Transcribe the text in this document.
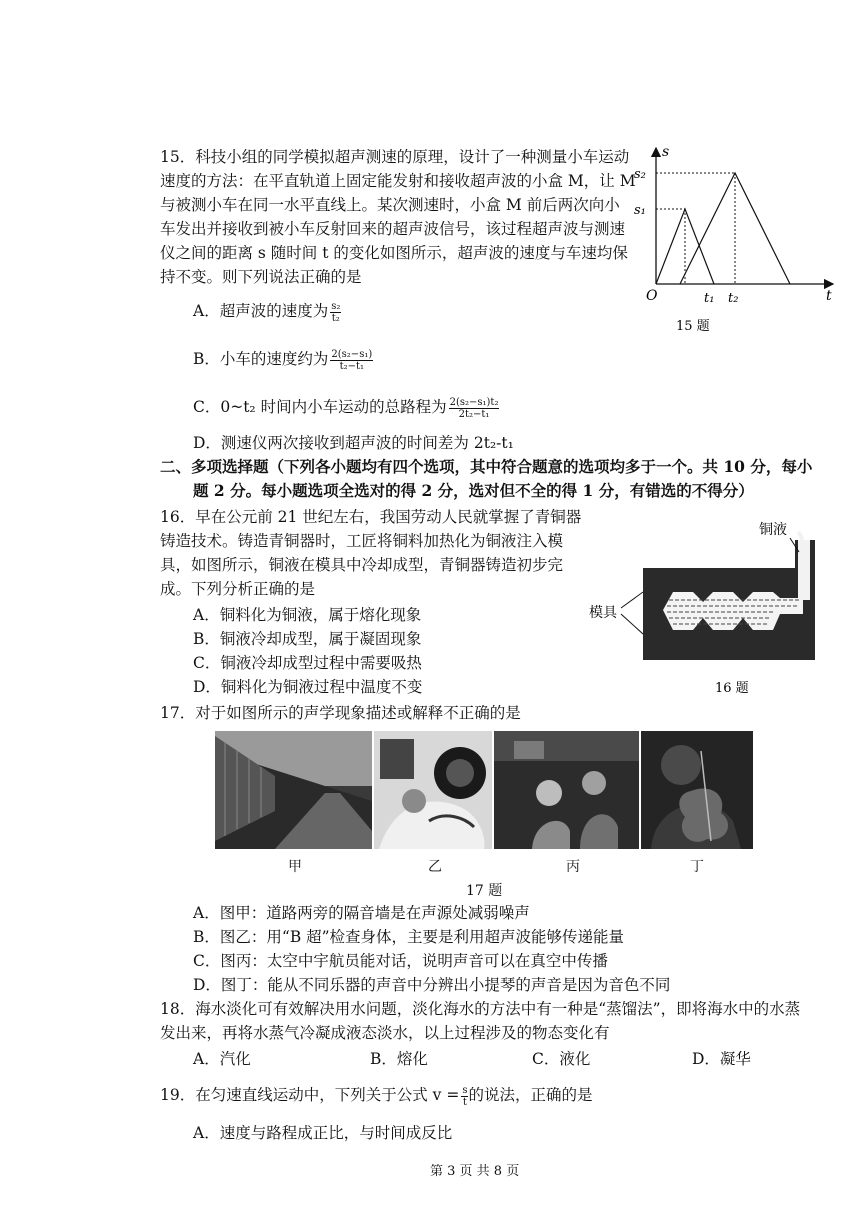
15．科技小组的同学模拟超声测速的原理，设计了一种测量小车运动
速度的方法：在平直轨道上固定能发射和接收超声波的小盒 M，让 M
与被测小车在同一水平直线上。某次测速时，小盒 M 前后两次向小
车发出并接收到被小车反射回来的超声波信号，该过程超声波与测速
仪之间的距离 s 随时间 t 的变化如图所示，超声波的速度与车速均保
持不变。则下列说法正确的是
A．超声波的速度为 $\frac{\text{s₂}}{\text{t₂}}$
B．小车的速度约为 $\frac{\text{2(s₂−s₁)}}{\text{t₂−t₁}}$
C．0~t₂ 时间内小车运动的总路程为 $\frac{\text{2(s₂−s₁)t₂}}{\text{2t₂−t₁}}$
D．测速仪两次接收到超声波的时间差为 2t₂-t₁
s
t
O
s₁
s₂
t₁ t₂
15 题
二、多项选择题（下列各小题均有四个选项，其中符合题意的选项均多于一个。共 10 分，每小
题 2 分。每小题选项全选对的得 2 分，选对但不全的得 1 分，有错选的不得分）
16．早在公元前 21 世纪左右，我国劳动人民就掌握了青铜器
铸造技术。铸造青铜器时，工匠将铜料加热化为铜液注入模
具，如图所示，铜液在模具中冷却成型，青铜器铸造初步完
成。下列分析正确的是
A．铜料化为铜液，属于熔化现象
B．铜液冷却成型，属于凝固现象
C．铜液冷却成型过程中需要吸热
D．铜料化为铜液过程中温度不变
铜液
模具
16 题
17．对于如图所示的声学现象描述或解释不正确的是
甲	乙	丙	丁
17 题
A．图甲：道路两旁的隔音墙是在声源处减弱噪声
B．图乙：用“B 超”检查身体，主要是利用超声波能够传递能量
C．图丙：太空中宇航员能对话，说明声音可以在真空中传播
D．图丁：能从不同乐器的声音中分辨出小提琴的声音是因为音色不同
18．海水淡化可有效解决用水问题，淡化海水的方法中有一种是“蒸馏法”，即将海水中的水蒸
发出来，再将水蒸气冷凝成液态淡水，以上过程涉及的物态变化有
A．汽化	B．熔化	C．液化	D．凝华
19．在匀速直线运动中，下列关于公式 $v = \frac{s}{t}$ 的说法，正确的是
A．速度与路程成正比，与时间成反比
第 3 页 共 8 页
